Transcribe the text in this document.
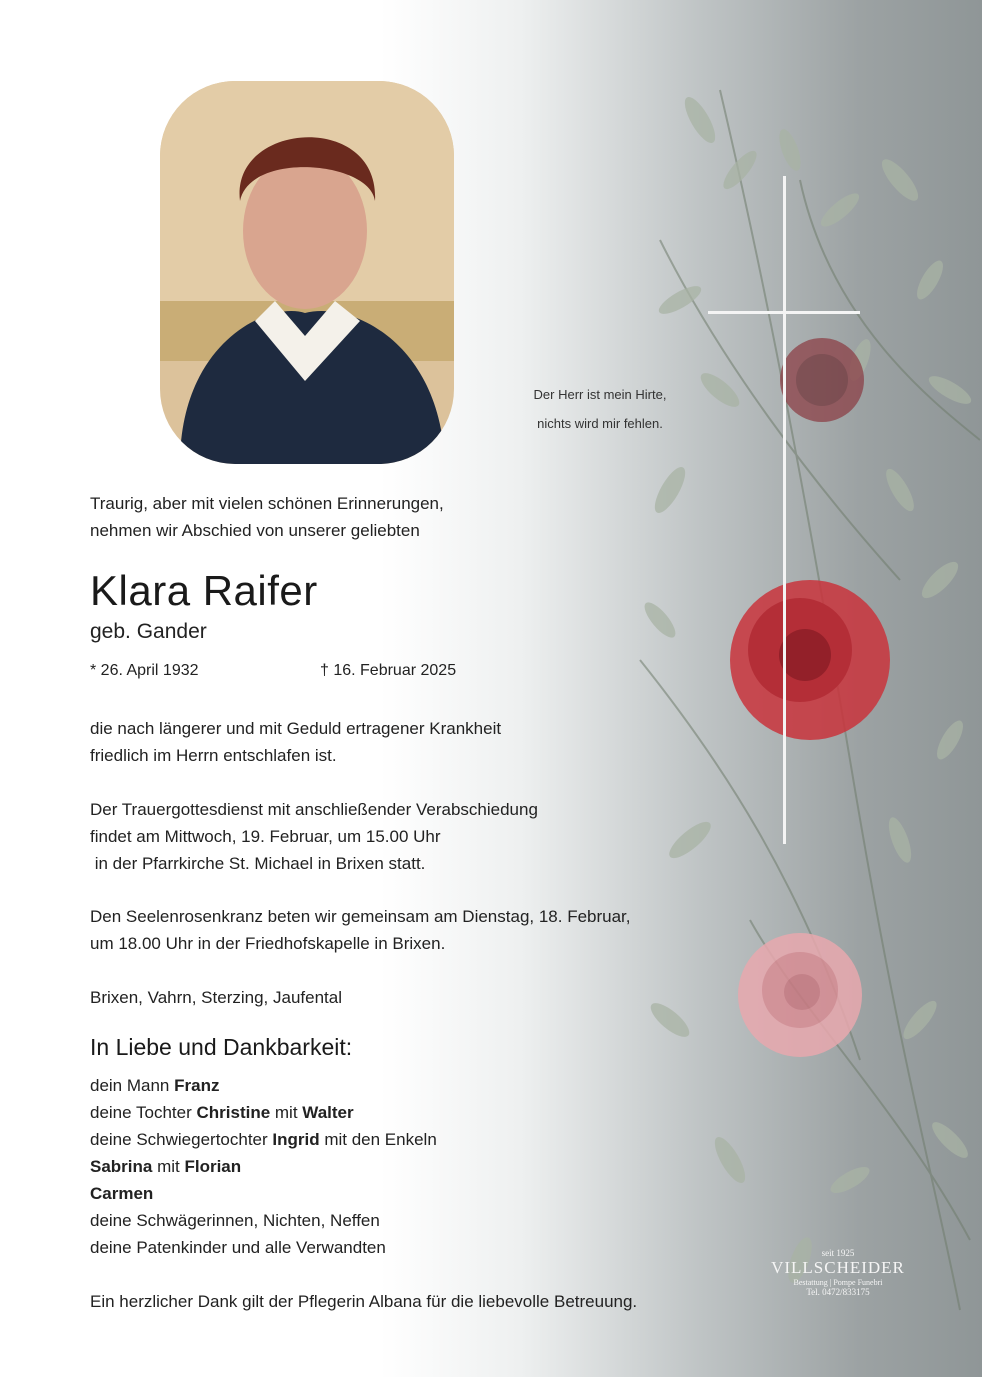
Der Herr ist mein Hirte,
nichts wird mir fehlen.
Traurig, aber mit vielen schönen Erinnerungen,
nehmen wir Abschied von unserer geliebten
Klara Raifer
geb. Gander
* 26. April 1932	† 16. Februar 2025
die nach längerer und mit Geduld ertragener Krankheit
friedlich im Herrn entschlafen ist.
Der Trauergottesdienst mit anschließender Verabschiedung
findet am Mittwoch, 19. Februar, um 15.00 Uhr
in der Pfarrkirche St. Michael in Brixen statt.
Den Seelenrosenkranz beten wir gemeinsam am Dienstag, 18. Februar,
um 18.00 Uhr in der Friedhofskapelle in Brixen.
Brixen, Vahrn, Sterzing, Jaufental
In Liebe und Dankbarkeit:
dein Mann Franz
deine Tochter Christine mit Walter
deine Schwiegertochter Ingrid mit den Enkeln
Sabrina mit Florian
Carmen
deine Schwägerinnen, Nichten, Neffen
deine Patenkinder und alle Verwandten
Ein herzlicher Dank gilt der Pflegerin Albana für die liebevolle Betreuung.
seit 1925
VILLSCHEIDER
Bestattung | Pompe Funebri
Tel. 0472/833175
